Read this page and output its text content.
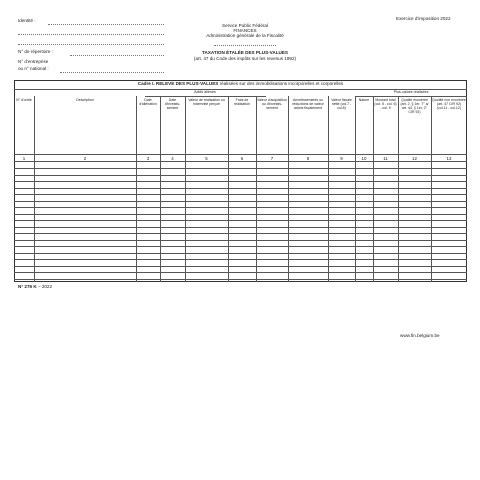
Identité :
N° de répertoire :
N° d'entreprise
ou n° national :
Service Public Fédéral
FINANCES
Administration générale de la Fiscalité
TAXATION ÉTALÉE DES PLUS-VALUES
(art. 47 du Code des impôts sur les revenus 1992)
Exercice d'imposition 2022
Cadre I. RELEVE DES PLUS-VALUES réalisées sur des immobilisations incorporelles et corporelles
Actifs aliénés	Plus-values réalisées
N° d'ordre
1
Description
2
Date d'aliénation
3
Date d'investis-sement
4
Valeur de réalisation ou indemnité perçue
5
Frais de réalisation
6
Valeur d'acquisition ou d'investis-sement
7
Amortissements ou réductions de valeur admis fiscalement
8
Valeur fiscale nette (col.7 - col.8)
9
Nature
10
Montant total (col. 5 - col. 6) - col. 9
11
Quotité exonérée (art. 2, § 1er, 7° a/ art. 44, § 1er, 2° CIR 92)
12
Quotité non exonérée (art. 47 CIR 92) (col.11 - col.12)
13
N° 276 K – 2022
www.fin.belgium.be
